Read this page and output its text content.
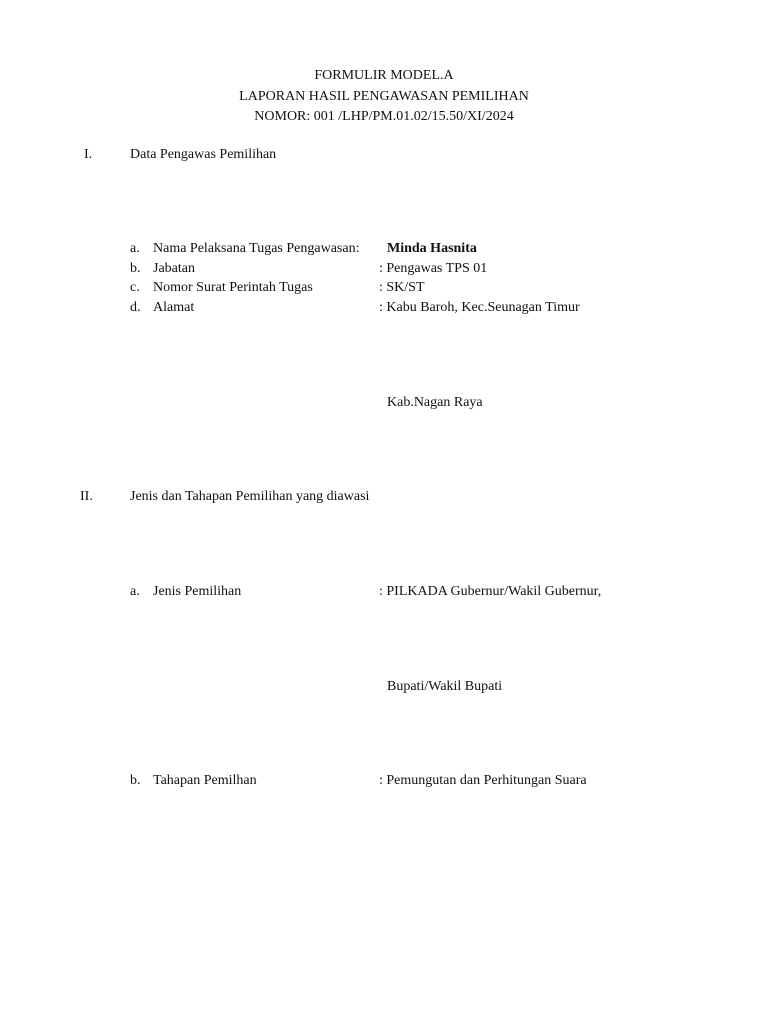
FORMULIR MODEL.A
LAPORAN HASIL PENGAWASAN PEMILIHAN
NOMOR: 001 /LHP/PM.01.02/15.50/XI/2024
I.	Data Pengawas Pemilihan
a. Nama Pelaksana Tugas Pengawasan: Minda Hasnita
b. Jabatan	: Pengawas TPS 01
c. Nomor Surat Perintah Tugas	: SK/ST
d. Alamat	: Kabu Baroh, Kec.Seunagan Timur
Kab.Nagan Raya
II.	Jenis dan Tahapan Pemilihan yang diawasi
a. Jenis Pemilihan	: PILKADA Gubernur/Wakil Gubernur,
Bupati/Wakil Bupati
b. Tahapan Pemilhan	: Pemungutan dan Perhitungan Suara
